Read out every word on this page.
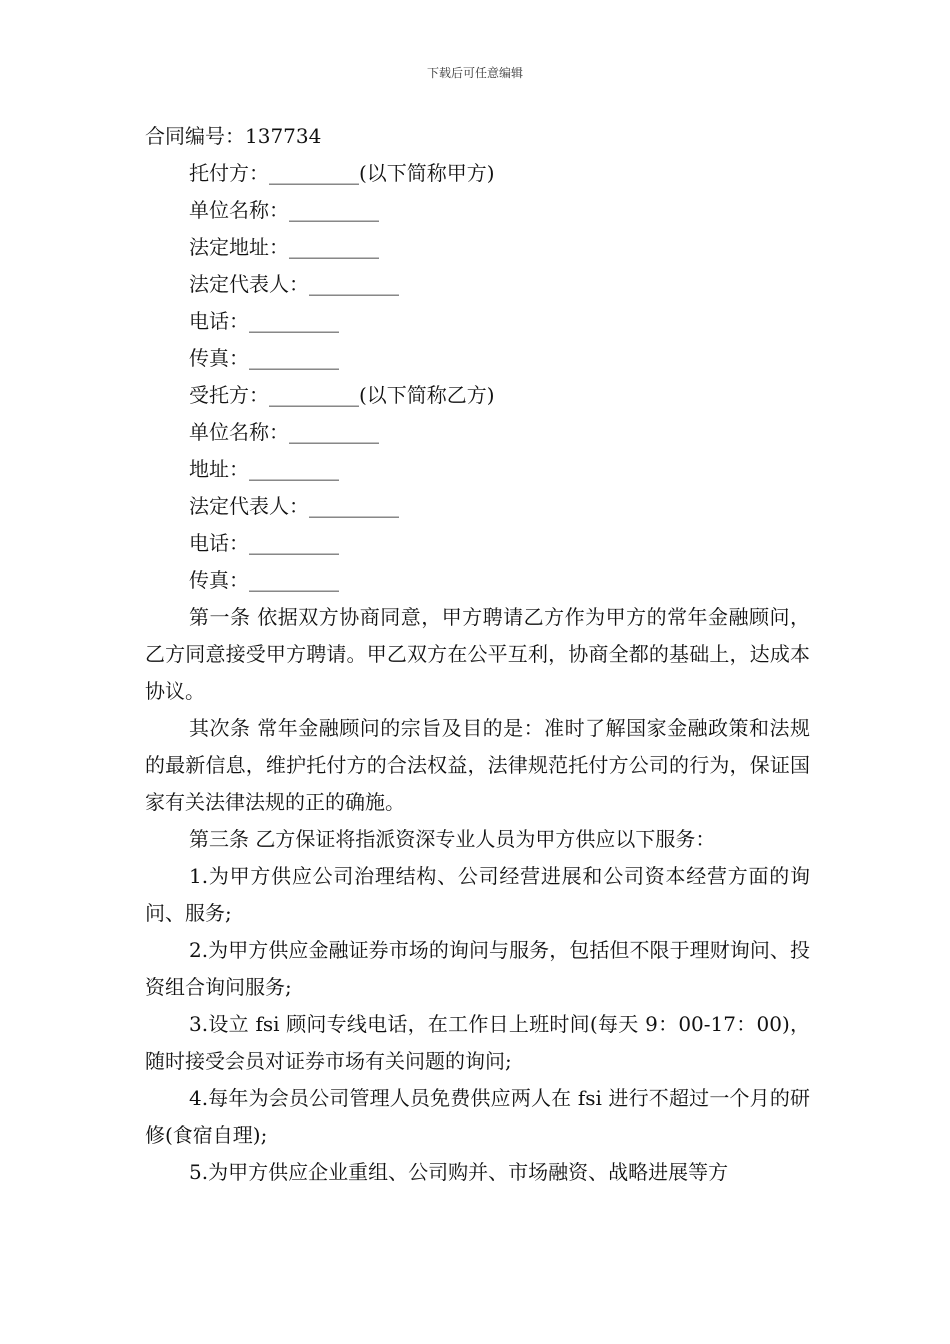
下载后可任意编辑
合同编号：137734
托付方：_________(以下简称甲方)
单位名称：_________
法定地址：_________
法定代表人：_________
电话：_________
传真：_________
受托方：_________(以下简称乙方)
单位名称：_________
地址：_________
法定代表人：_________
电话：_________
传真：_________

第一条 依据双方协商同意，甲方聘请乙方作为甲方的常年金融顾问，乙方同意接受甲方聘请。甲乙双方在公平互利，协商全都的基础上，达成本协议。

其次条 常年金融顾问的宗旨及目的是：准时了解国家金融政策和法规的最新信息，维护托付方的合法权益，法律规范托付方公司的行为，保证国家有关法律法规的正的确施。

第三条 乙方保证将指派资深专业人员为甲方供应以下服务：

1.为甲方供应公司治理结构、公司经营进展和公司资本经营方面的询问、服务;

2.为甲方供应金融证券市场的询问与服务，包括但不限于理财询问、投资组合询问服务;

3.设立 fsi 顾问专线电话，在工作日上班时间(每天 9：00-17：00)，随时接受会员对证券市场有关问题的询问;

4.每年为会员公司管理人员免费供应两人在 fsi 进行不超过一个月的研修(食宿自理);

5.为甲方供应企业重组、公司购并、市场融资、战略进展等方
